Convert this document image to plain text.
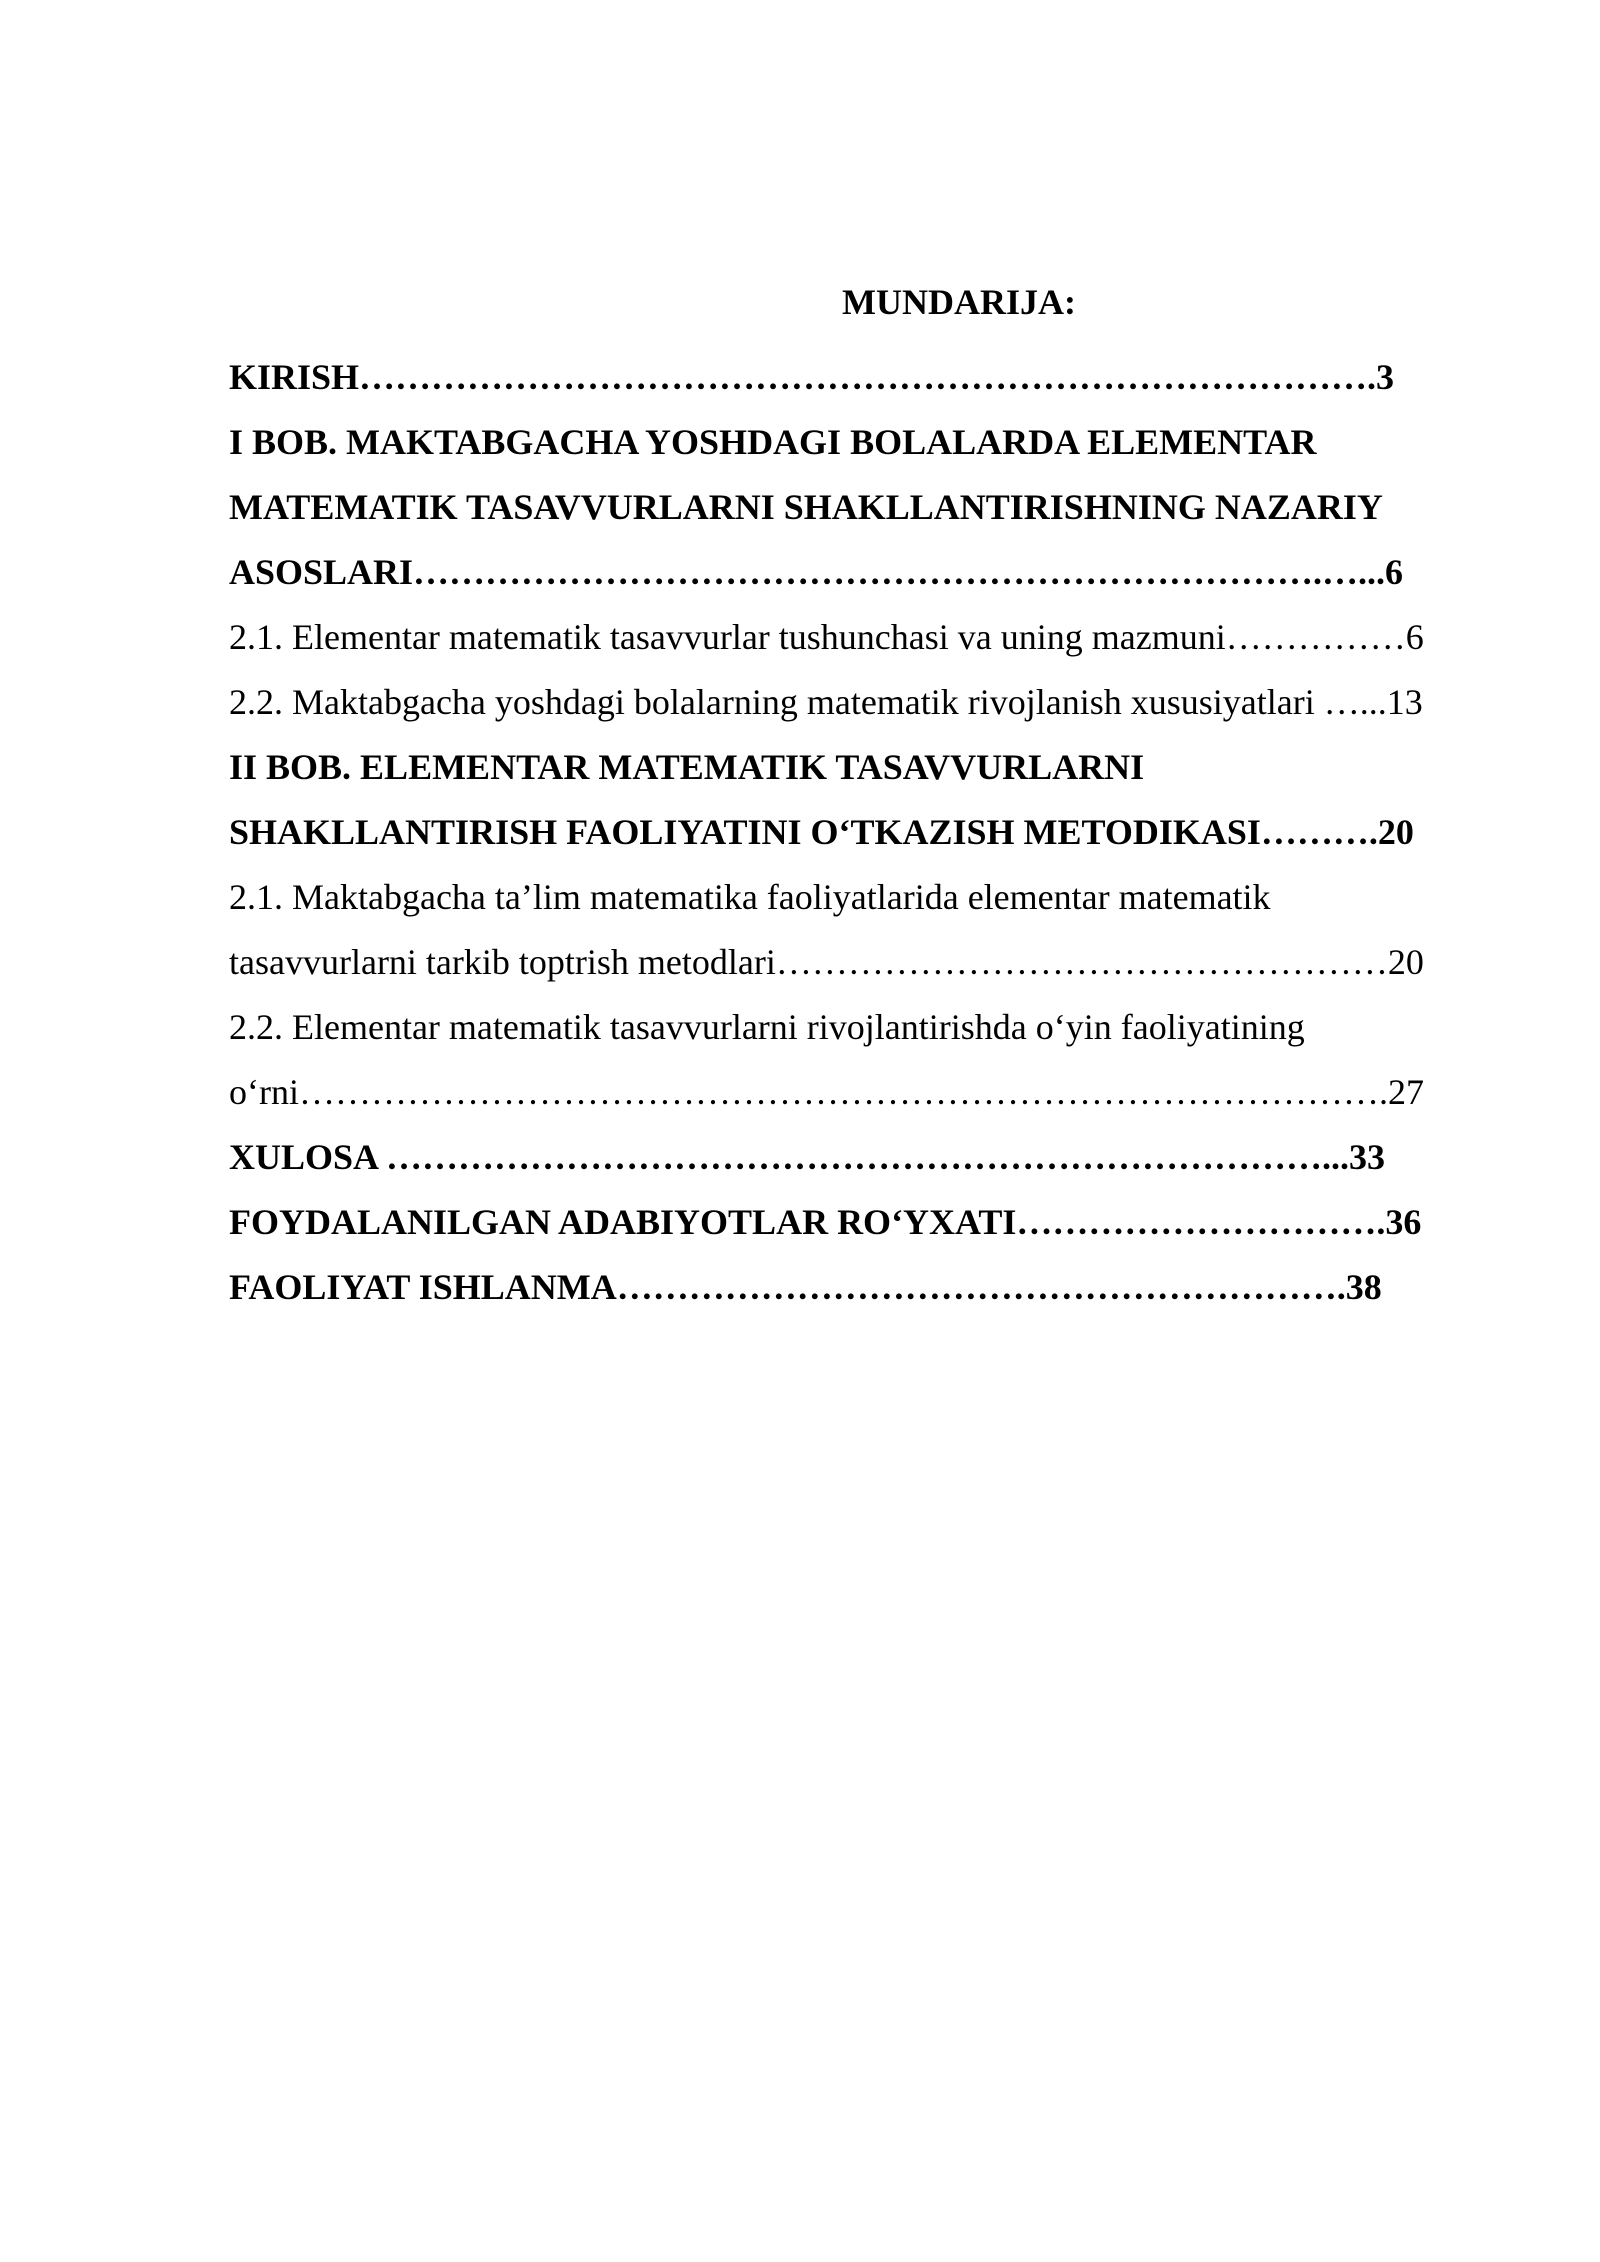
MUNDARIJA:
KIRISH………………………………………………………………………….3
I BOB. MAKTABGACHA YOSHDAGI BOLALARDA ELEMENTAR
MATEMATIK TASAVVURLARNI SHAKLLANTIRISHNING NAZARIY
ASOSLARI………………………………………………………………….…...6
2.1. Elementar matematik tasavvurlar tushunchasi va uning mazmuni……………6
2.2. Maktabgacha yoshdagi bolalarning matematik rivojlanish xususiyatlari …...13
II BOB. ELEMENTAR MATEMATIK TASAVVURLARNI
SHAKLLANTIRISH FAOLIYATINI O‘TKAZISH METODIKASI……….20
2.1. Maktabgacha ta’lim matematika faoliyatlarida elementar matematik
tasavvurlarni tarkib toptrish metodlari……………………………………………20
2.2. Elementar matematik tasavvurlarni rivojlantirishda o‘yin faoliyatining
o‘rni……………………………………………………………………………….27
XULOSA ……………………………………………………………………...33
FOYDALANILGAN ADABIYOTLAR RO‘YXATI………………………….36
FAOLIYAT ISHLANMA…………………………………………………….38
